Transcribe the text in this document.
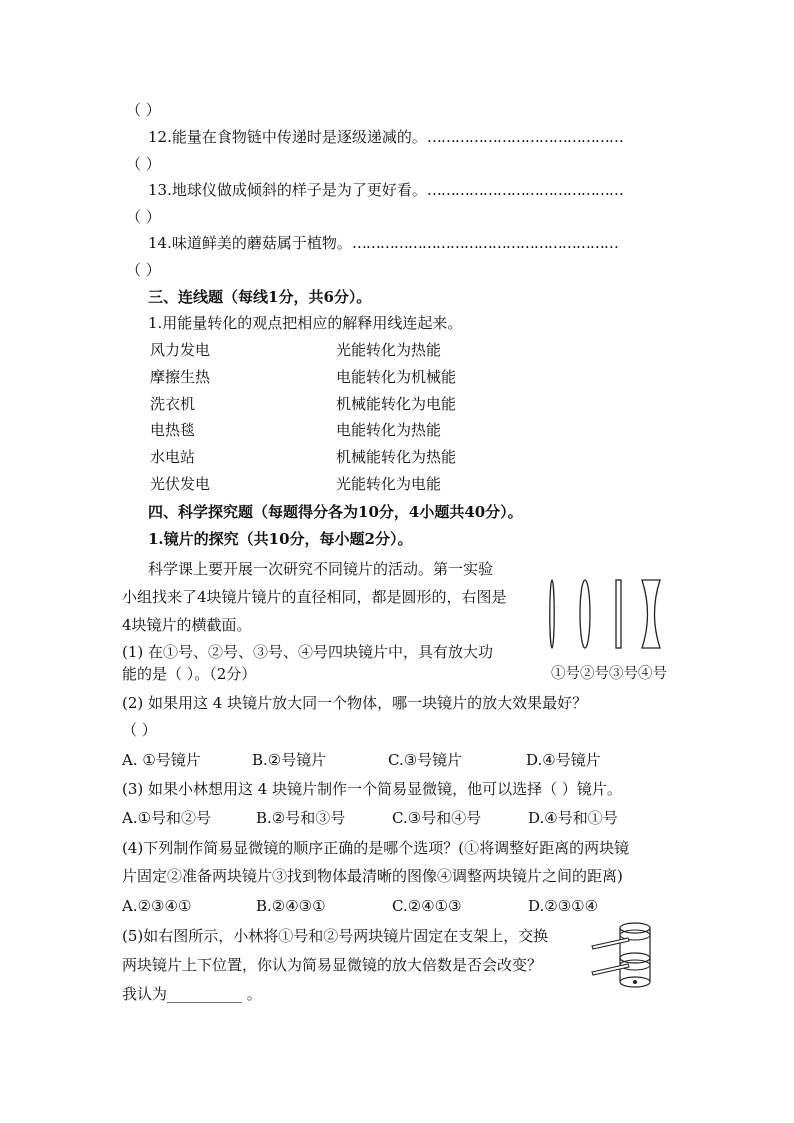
（ ）
12.能量在食物链中传递时是逐级递减的。……………………………………
（ ）
13.地球仪做成倾斜的样子是为了更好看。……………………………………
（ ）
14.味道鲜美的蘑菇属于植物。…………………………………………………
（ ）
三、连线题（每线1分，共6分）。
1.用能量转化的观点把相应的解释用线连起来。
风力发电
摩擦生热
洗衣机
电热毯
水电站
光伏发电
光能转化为热能
电能转化为机械能
机械能转化为电能
电能转化为热能
机械能转化为热能
光能转化为电能
四、科学探究题（每题得分各为10分，4小题共40分）。
1.镜片的探究（共10分，每小题2分）。
科学课上要开展一次研究不同镜片的活动。第一实验
小组找来了4块镜片镜片的直径相同，都是圆形的，右图是
4块镜片的横截面。
①号②号③号④号
(1) 在①号、②号、③号、④号四块镜片中，具有放大功
能的是（ ）。（2分）
(2) 如果用这 4 块镜片放大同一个物体，哪一块镜片的放大效果最好？
（ ）
A. ①号镜片	B.②号镜片	C.③号镜片	D.④号镜片
(3) 如果小林想用这 4 块镜片制作一个简易显微镜，他可以选择（ ）镜片。
A.①号和②号	B.②号和③号	C.③号和④号	D.④号和①号
(4)下列制作简易显微镜的顺序正确的是哪个选项？(①将调整好距离的两块镜
片固定②准备两块镜片③找到物体最清晰的图像④调整两块镜片之间的距离)
A.②③④①	B.②④③①	C.②④①③	D.②③①④
(5)如右图所示，小林将①号和②号两块镜片固定在支架上，交换
两块镜片上下位置，你认为简易显微镜的放大倍数是否会改变？
我认为__________ 。
